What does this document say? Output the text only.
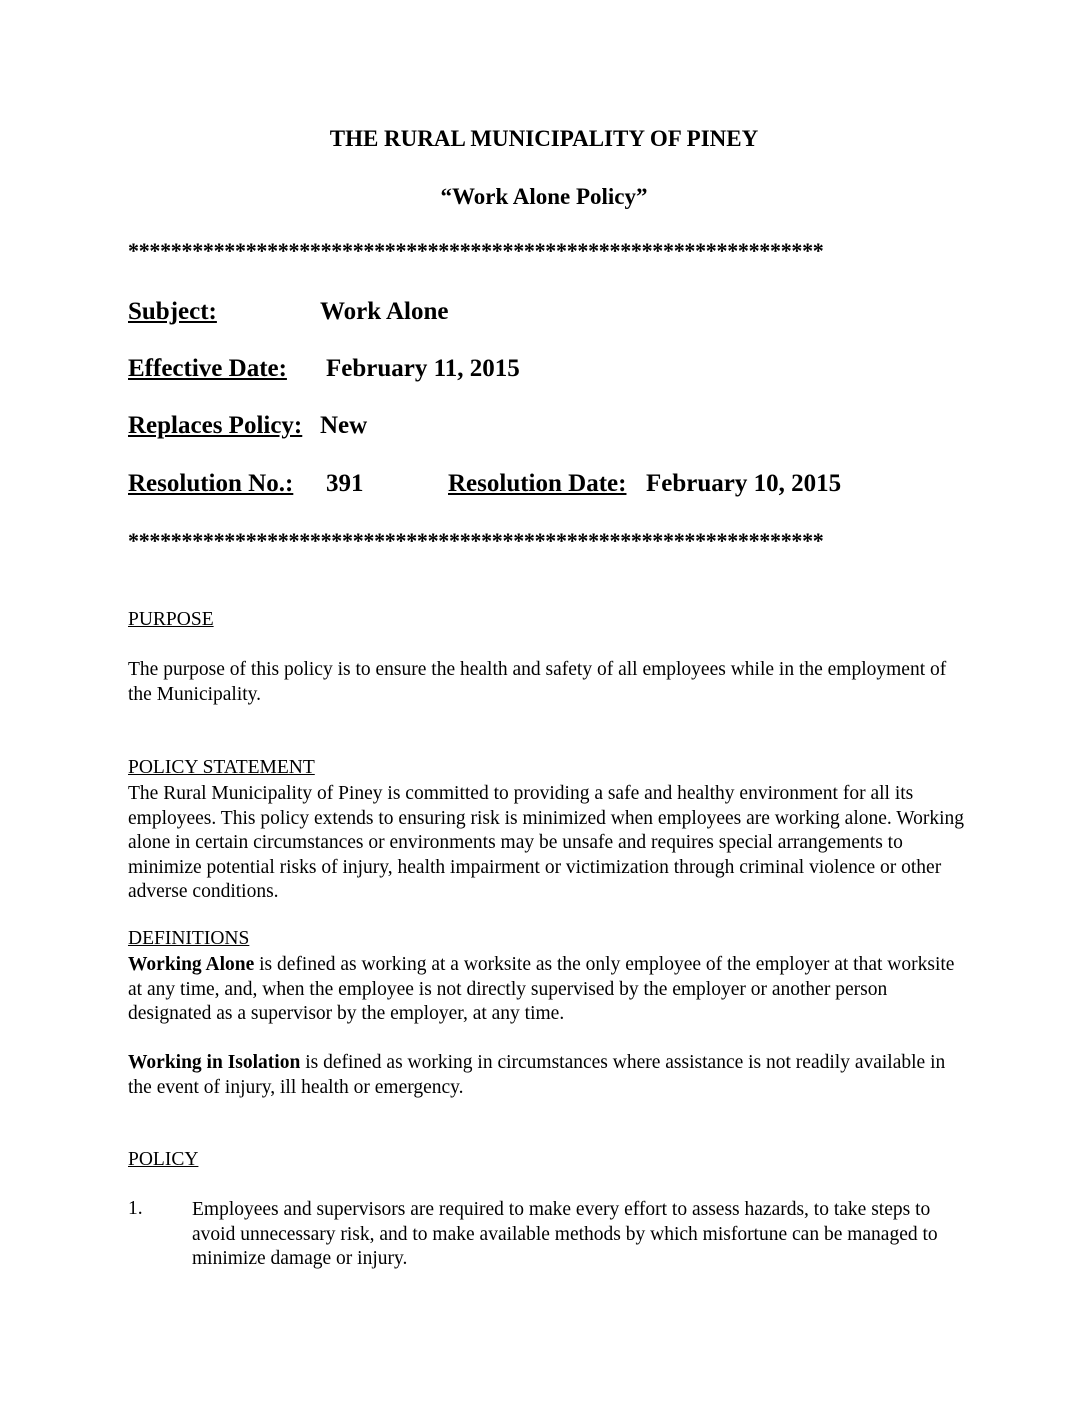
THE RURAL MUNICIPALITY OF PINEY
“Work Alone Policy”
*****************************************************************
Subject:	Work Alone
Effective Date: February 11, 2015
Replaces Policy: New
Resolution No.: 391	Resolution Date: February 10, 2015
*****************************************************************
PURPOSE
The purpose of this policy is to ensure the health and safety of all employees while in the employment of the Municipality.
POLICY STATEMENT
The Rural Municipality of Piney is committed to providing a safe and healthy environment for all its employees. This policy extends to ensuring risk is minimized when employees are working alone. Working alone in certain circumstances or environments may be unsafe and requires special arrangements to minimize potential risks of injury, health impairment or victimization through criminal violence or other adverse conditions.
DEFINITIONS
Working Alone is defined as working at a worksite as the only employee of the employer at that worksite at any time, and, when the employee is not directly supervised by the employer or another person designated as a supervisor by the employer, at any time.
Working in Isolation is defined as working in circumstances where assistance is not readily available in the event of injury, ill health or emergency.
POLICY
1.	Employees and supervisors are required to make every effort to assess hazards, to take steps to avoid unnecessary risk, and to make available methods by which misfortune can be managed to minimize damage or injury.
